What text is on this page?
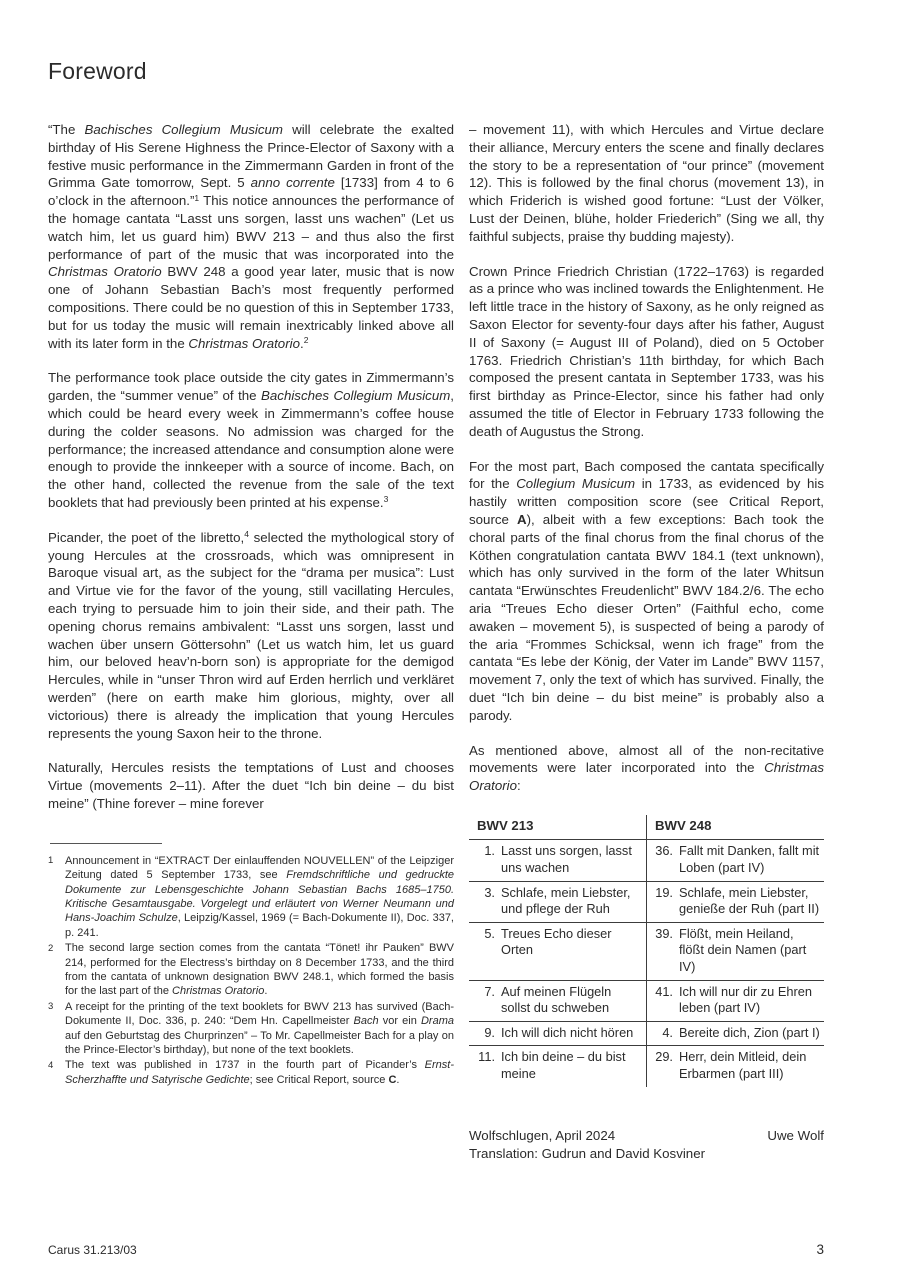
Foreword

“The Bachisches Collegium Musicum will celebrate the exalted birthday of His Serene Highness the Prince-Elector of Saxony with a festive music performance in the Zimmermann Garden in front of the Grimma Gate tomorrow, Sept. 5 anno corrente [1733] from 4 to 6 o’clock in the afternoon.”$^1$ This notice announces the performance of the homage cantata “Lasst uns sorgen, lasst uns wachen” (Let us watch him, let us guard him) BWV 213 – and thus also the first performance of part of the music that was incorporated into the Christmas Oratorio BWV 248 a good year later, music that is now one of Johann Sebastian Bach’s most frequently performed compositions. There could be no question of this in September 1733, but for us today the music will remain inextricably linked above all with its later form in the Christmas Oratorio.$^2$

The performance took place outside the city gates in Zimmermann’s garden, the “summer venue” of the Bachisches Collegium Musicum, which could be heard every week in Zimmermann’s coffee house during the colder seasons. No admission was charged for the performance; the increased attendance and consumption alone were enough to provide the innkeeper with a source of income. Bach, on the other hand, collected the revenue from the sale of the text booklets that had previously been printed at his expense.$^3$

Picander, the poet of the libretto,$^4$ selected the mythological story of young Hercules at the crossroads, which was omnipresent in Baroque visual art, as the subject for the “drama per musica”: Lust and Virtue vie for the favor of the young, still vacillating Hercules, each trying to persuade him to join their side, and their path. The opening chorus remains ambivalent: “Lasst uns sorgen, lasst und wachen über unsern Göttersohn” (Let us watch him, let us guard him, our beloved heav’n-born son) is appropriate for the demigod Hercules, while in “unser Thron wird auf Erden herrlich und verkläret werden” (here on earth make him glorious, mighty, over all victorious) there is already the implication that young Hercules represents the young Saxon heir to the throne.

Naturally, Hercules resists the temptations of Lust and chooses Virtue (movements 2–11). After the duet “Ich bin deine – du bist meine” (Thine forever – mine forever

1	Announcement in “EXTRACT Der einlauffenden NOUVELLEN” of the Leipziger Zeitung dated 5 September 1733, see Fremdschriftliche und gedruckte Dokumente zur Lebensgeschichte Johann Sebastian Bachs 1685–1750. Kritische Gesamtausgabe. Vorgelegt und erläutert von Werner Neumann und Hans-Joachim Schulze, Leipzig/Kassel, 1969 (= Bach-Dokumente II), Doc. 337, p. 241.
2	The second large section comes from the cantata “Tönet! ihr Pauken” BWV 214, performed for the Electress’s birthday on 8 December 1733, and the third from the cantata of unknown designation BWV 248.1, which formed the basis for the last part of the Christmas Oratorio.
3	A receipt for the printing of the text booklets for BWV 213 has survived (Bach-Dokumente II, Doc. 336, p. 240: “Dem Hn. Capellmeister Bach vor ein Drama auf den Geburtstag des Churprinzen” – To Mr. Capellmeister Bach for a play on the Prince-Elector’s birthday), but none of the text booklets.
4	The text was published in 1737 in the fourth part of Picander’s Ernst-Scherzhaffte und Satyrische Gedichte; see Critical Report, source C.

– movement 11), with which Hercules and Virtue declare their alliance, Mercury enters the scene and finally declares the story to be a representation of “our prince” (movement 12). This is followed by the final chorus (movement 13), in which Friderich is wished good fortune: “Lust der Völker, Lust der Deinen, blühe, holder Friederich” (Sing we all, thy faithful subjects, praise thy budding majesty).

Crown Prince Friedrich Christian (1722–1763) is regarded as a prince who was inclined towards the Enlightenment. He left little trace in the history of Saxony, as he only reigned as Saxon Elector for seventy-four days after his father, August II of Saxony (= August III of Poland), died on 5 October 1763. Friedrich Christian’s 11th birthday, for which Bach composed the present cantata in September 1733, was his first birthday as Prince-Elector, since his father had only assumed the title of Elector in February 1733 following the death of Augustus the Strong.

For the most part, Bach composed the cantata specifically for the Collegium Musicum in 1733, as evidenced by his hastily written composition score (see Critical Report, source A), albeit with a few exceptions: Bach took the choral parts of the final chorus from the final chorus of the Köthen congratulation cantata BWV 184.1 (text unknown), which has only survived in the form of the later Whitsun cantata “Erwünschtes Freudenlicht” BWV 184.2/6. The echo aria “Treues Echo dieser Orten” (Faithful echo, come awaken – movement 5), is suspected of being a parody of the aria “Frommes Schicksal, wenn ich frage” from the cantata “Es lebe der König, der Vater im Lande” BWV 1157, movement 7, only the text of which has survived. Finally, the duet “Ich bin deine – du bist meine” is probably also a parody.

As mentioned above, almost all of the non-recitative movements were later incorporated into the Christmas Oratorio:

BWV 213	BWV 248

1. Lasst uns sorgen, lasst uns wachen	36. Fallt mit Danken, fallt mit Loben (part IV)

3. Schlafe, mein Liebster, und pflege der Ruh	19. Schlafe, mein Liebster, genieße der Ruh (part II)

5. Treues Echo dieser Orten	39. Flößt, mein Heiland, flößt dein Namen (part IV)

7. Auf meinen Flügeln sollst du schweben	41. Ich will nur dir zu Ehren leben (part IV)

9. Ich will dich nicht hören	4. Bereite dich, Zion (part I)

11. Ich bin deine – du bist meine	29. Herr, dein Mitleid, dein Erbarmen (part III)
Wolfschlugen, April 2024	Uwe Wolf
Translation: Gudrun and David Kosviner
Carus 31.213/03	3
